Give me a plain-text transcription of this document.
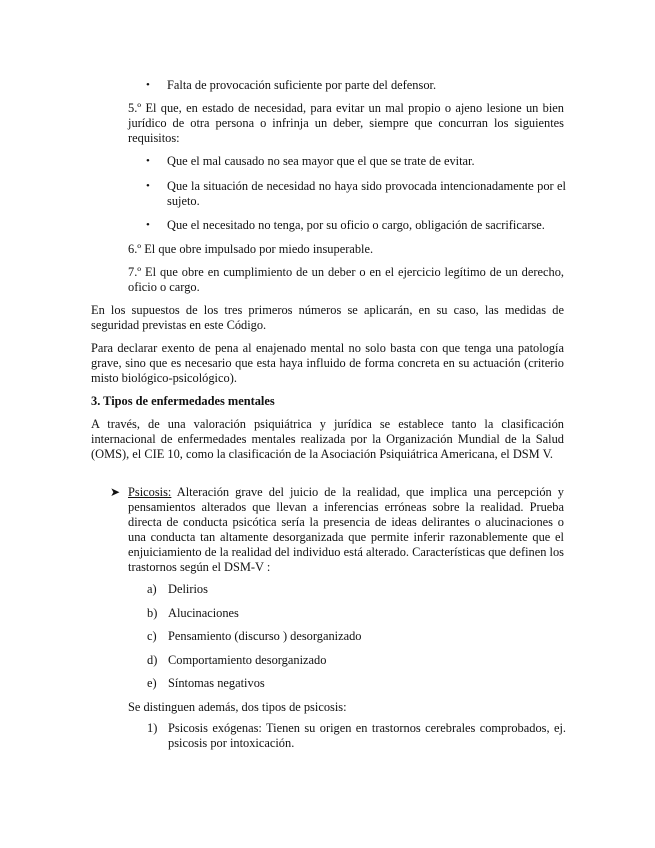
• Falta de provocación suficiente por parte del defensor.

5.º El que, en estado de necesidad, para evitar un mal propio o ajeno lesione un bien jurídico de otra persona o infrinja un deber, siempre que concurran los siguientes requisitos:

• Que el mal causado no sea mayor que el que se trate de evitar.
• Que la situación de necesidad no haya sido provocada intencionadamente por el sujeto.
• Que el necesitado no tenga, por su oficio o cargo, obligación de sacrificarse.

6.º El que obre impulsado por miedo insuperable.

7.º El que obre en cumplimiento de un deber o en el ejercicio legítimo de un derecho, oficio o cargo.

En los supuestos de los tres primeros números se aplicarán, en su caso, las medidas de seguridad previstas en este Código.

Para declarar exento de pena al enajenado mental no solo basta con que tenga una patología grave, sino que es necesario que esta haya influido de forma concreta en su actuación (criterio misto biológico-psicológico).

3. Tipos de enfermedades mentales

A través, de una valoración psiquiátrica y jurídica se establece tanto la clasificación internacional de enfermedades mentales realizada por la Organización Mundial de la Salud (OMS), el CIE 10, como la clasificación de la Asociación Psiquiátrica Americana, el DSM V.

➤ Psicosis: Alteración grave del juicio de la realidad, que implica una percepción y pensamientos alterados que llevan a inferencias erróneas sobre la realidad. Prueba directa de conducta psicótica sería la presencia de ideas delirantes o alucinaciones o una conducta tan altamente desorganizada que permite inferir razonablemente que el enjuiciamiento de la realidad del individuo está alterado. Características que definen los trastornos según el DSM-V :

a) Delirios
b) Alucinaciones
c) Pensamiento (discurso ) desorganizado
d) Comportamiento desorganizado
e) Síntomas negativos

Se distinguen además, dos tipos de psicosis:

1) Psicosis exógenas: Tienen su origen en trastornos cerebrales comprobados, ej. psicosis por intoxicación.
